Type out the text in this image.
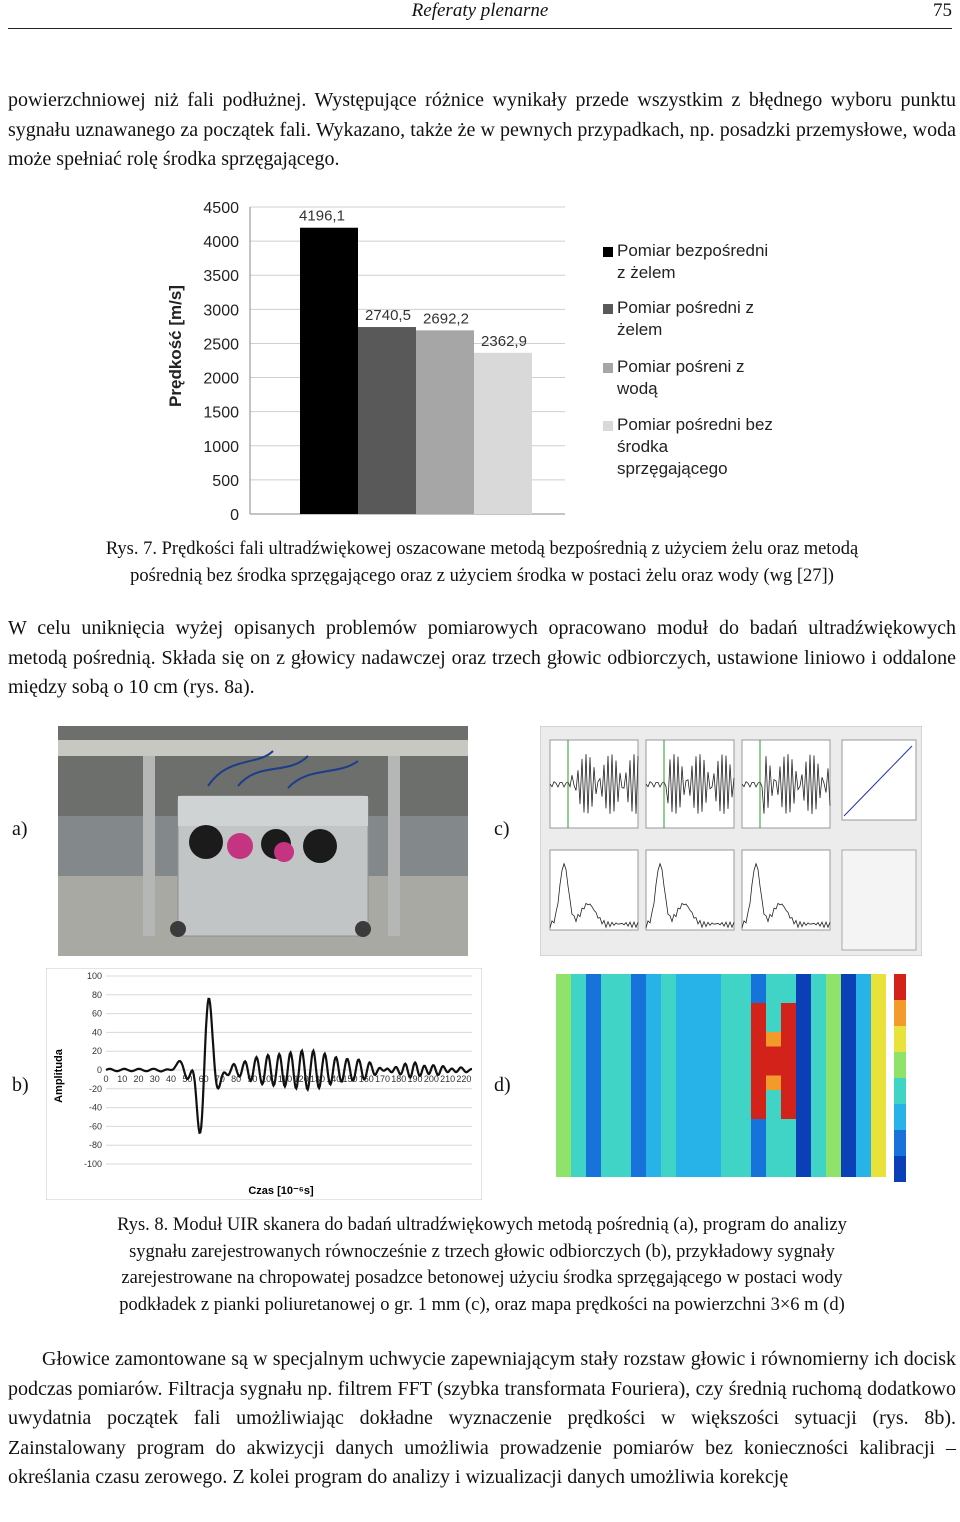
Referaty plenarne	75

powierzchniowej niż fali podłużnej. Występujące różnice wynikały przede wszystkim z błędnego wyboru punktu sygnału uznawanego za początek fali. Wykazano, także że w pewnych przypadkach, np. posadzki przemysłowe, woda może spełniać rolę środka sprzęgającego.

0
500
1000
1500
2000
2500
3000
3500
4000
4500	4196,1
2740,5 2692,2
2362,9
Pomiar bezpośredni
z żelem
Pomiar pośredni z
żelem
Pomiar pośreni z
wodą
Pomiar pośredni bez
środka
sprzęgającego
Prędkość [m/s]
Rys. 7. Prędkości fali ultradźwiękowej oszacowane metodą bezpośrednią z użyciem żelu oraz metodą
pośrednią bez środka sprzęgającego oraz z użyciem środka w postaci żelu oraz wody (wg [27])

W celu uniknięcia wyżej opisanych problemów pomiarowych opracowano moduł do badań ultradźwiękowych metodą pośrednią. Składa się on z głowicy nadawczej oraz trzech głowic odbiorczych, ustawione liniowo i oddalone między sobą o 10 cm (rys. 8a).

a)	c)
b)	d)
100
80
60
40
20
0
-20
-40
-60
-80
-100
0 10 20 30 40 50 60 70 80 90 100 110 120 130 140 150 160 170 180 190 200 210 220
Amplituda
Czas [10⁻⁶s]
Rys. 8. Moduł UIR skanera do badań ultradźwiękowych metodą pośrednią (a), program do analizy
sygnału zarejestrowanych równocześnie z trzech głowic odbiorczych (b), przykładowy sygnały
zarejestrowane na chropowatej posadzce betonowej użyciu środka sprzęgającego w postaci wody
podkładek z pianki poliuretanowej o gr. 1 mm (c), oraz mapa prędkości na powierzchni 3×6 m (d)

Głowice zamontowane są w specjalnym uchwycie zapewniającym stały rozstaw głowic i równomierny ich docisk podczas pomiarów. Filtracja sygnału np. filtrem FFT (szybka transformata Fouriera), czy średnią ruchomą dodatkowo uwydatnia początek fali umożliwiając dokładne wyznaczenie prędkości w większości sytuacji (rys. 8b). Zainstalowany program do akwizycji danych umożliwia prowadzenie pomiarów bez konieczności kalibracji – określania czasu zerowego. Z kolei program do analizy i wizualizacji danych umożliwia korekcję
